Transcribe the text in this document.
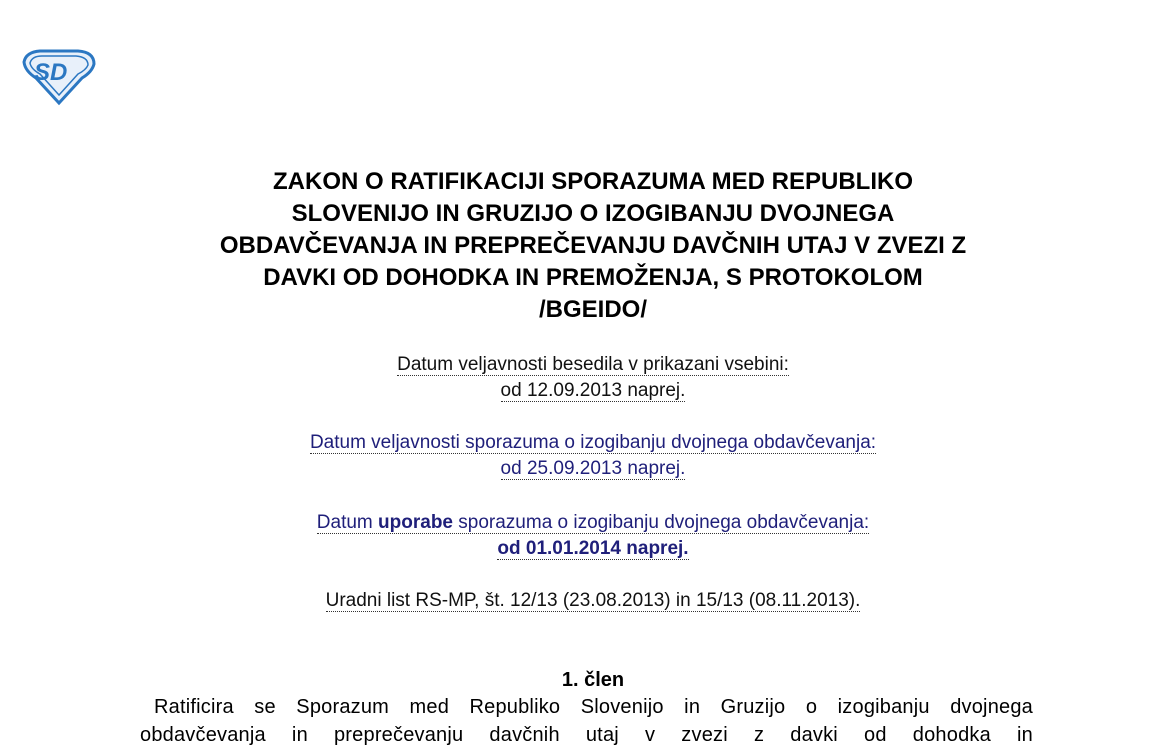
SD
ZAKON O RATIFIKACIJI SPORAZUMA MED REPUBLIKO
SLOVENIJO IN GRUZIJO O IZOGIBANJU DVOJNEGA
OBDAVČEVANJA IN PREPREČEVANJU DAVČNIH UTAJ V ZVEZI Z
DAVKI OD DOHODKA IN PREMOŽENJA, S PROTOKOLOM
/BGEIDO/
Datum veljavnosti besedila v prikazani vsebini:
od 12.09.2013 naprej.
Datum veljavnosti sporazuma o izogibanju dvojnega obdavčevanja:
od 25.09.2013 naprej.
Datum uporabe sporazuma o izogibanju dvojnega obdavčevanja:
od 01.01.2014 naprej.
Uradni list RS-MP, št. 12/13 (23.08.2013) in 15/13 (08.11.2013).
1. člen
Ratificira se Sporazum med Republiko Slovenijo in Gruzijo o izogibanju dvojnega
obdavčevanja in preprečevanju davčnih utaj v zvezi z davki od dohodka in
